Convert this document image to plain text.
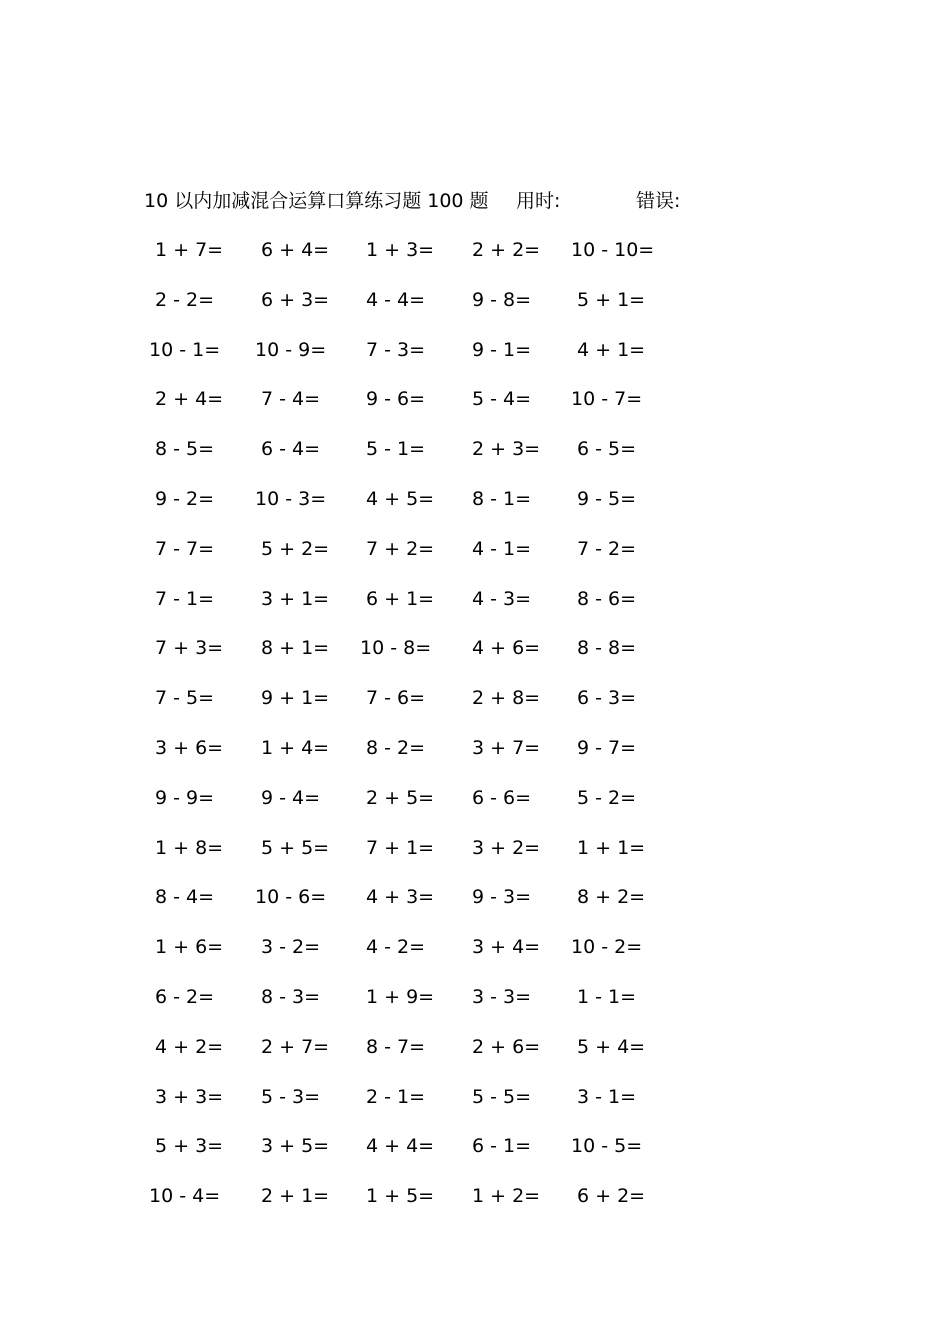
10 以内加减混合运算口算练习题 100 题 用时:	错误:
1 + 7= 6 + 4= 1 + 3= 2 + 2= 10 - 10=
2 - 2= 6 + 3= 4 - 4= 9 - 8= 5 + 1=
10 - 1= 10 - 9= 7 - 3= 9 - 1= 4 + 1=
2 + 4= 7 - 4= 9 - 6= 5 - 4= 10 - 7=
8 - 5= 6 - 4= 5 - 1= 2 + 3= 6 - 5=
9 - 2= 10 - 3= 4 + 5= 8 - 1= 9 - 5=
7 - 7= 5 + 2= 7 + 2= 4 - 1= 7 - 2=
7 - 1= 3 + 1= 6 + 1= 4 - 3= 8 - 6=
7 + 3= 8 + 1= 10 - 8= 4 + 6= 8 - 8=
7 - 5= 9 + 1= 7 - 6= 2 + 8= 6 - 3=
3 + 6= 1 + 4= 8 - 2= 3 + 7= 9 - 7=
9 - 9= 9 - 4= 2 + 5= 6 - 6= 5 - 2=
1 + 8= 5 + 5= 7 + 1= 3 + 2= 1 + 1=
8 - 4= 10 - 6= 4 + 3= 9 - 3= 8 + 2=
1 + 6= 3 - 2= 4 - 2= 3 + 4= 10 - 2=
6 - 2= 8 - 3= 1 + 9= 3 - 3= 1 - 1=
4 + 2= 2 + 7= 8 - 7= 2 + 6= 5 + 4=
3 + 3= 5 - 3= 2 - 1= 5 - 5= 3 - 1=
5 + 3= 3 + 5= 4 + 4= 6 - 1= 10 - 5=
10 - 4= 2 + 1= 1 + 5= 1 + 2= 6 + 2=
